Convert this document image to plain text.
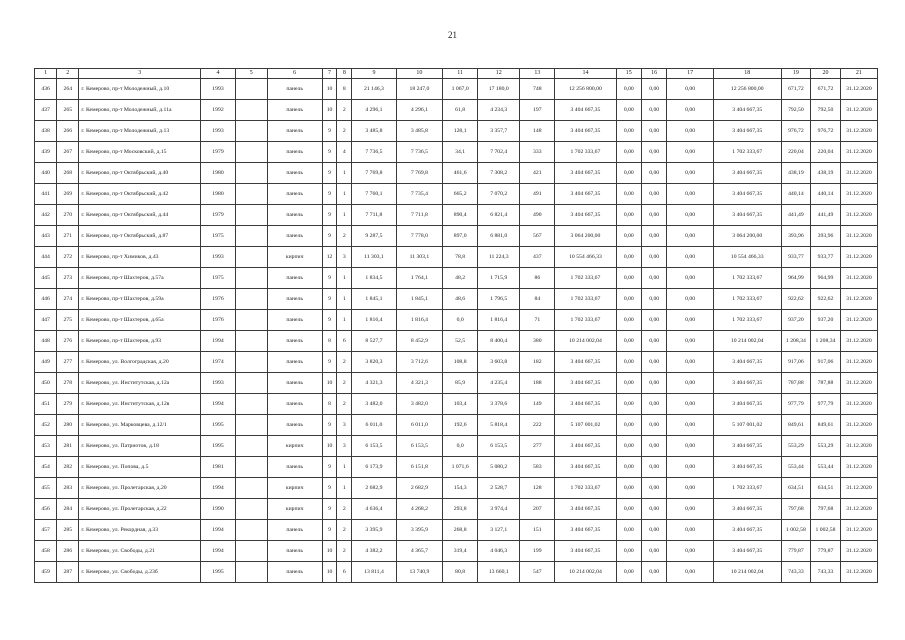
21
1	2	3	4	5	6	7	8	9	10	11	12	13	14	15	16	17	18	19	20	21
436	264	г. Кемерово, пр-т Молодежный, д.10	1993		панель	10	8	21 146,3	18 247,0	1 067,0	17 180,0	748	12 256 800,00	0,00	0,00	0,00	12 256 800,00	671,72	671,72	31.12.2020
437	265	г. Кемерово, пр-т Молодежный, д.11а	1992		панель	10	2	4 296,1	4 296,1	61,8	4 234,3	197	3 404 667,35	0,00	0,00	0,00	3 404 667,35	792,50	792,50	31.12.2020
438	266	г. Кемерово, пр-т Молодежный, д.13	1993		панель	9	2	3 485,8	3 485,8	128,1	3 357,7	148	3 404 667,35	0,00	0,00	0,00	3 404 667,35	976,72	976,72	31.12.2020
439	267	г. Кемерово, пр-т Московский, д.15	1979		панель	9	4	7 736,5	7 736,5	34,1	7 702,4	333	1 702 333,67	0,00	0,00	0,00	1 702 333,67	220,04	220,04	31.12.2020
440	268	г. Кемерово, пр-т Октябрьский, д.40	1980		панель	9	1	7 769,8	7 769,8	461,6	7 308,2	421	3 404 667,35	0,00	0,00	0,00	3 404 667,35	438,19	438,19	31.12.2020
441	269	г. Кемерово, пр-т Октябрьский, д.42	1980		панель	9	1	7 760,1	7 735,4	665,2	7 070,2	491	3 404 667,35	0,00	0,00	0,00	3 404 667,35	440,14	440,14	31.12.2020
442	270	г. Кемерово, пр-т Октябрьский, д.44	1979		панель	9	1	7 711,8	7 711,8	890,4	6 821,4	490	3 404 667,35	0,00	0,00	0,00	3 404 667,35	441,49	441,49	31.12.2020
443	271	г. Кемерово, пр-т Октябрьский, д.87	1975		панель	9	2	9 287,5	7 778,0	897,0	6 881,0	567	3 064 200,00	0,00	0,00	0,00	3 064 200,00	393,96	393,96	31.12.2020
444	272	г. Кемерово, пр-т Химиков, д.43	1993		кирпич	12	3	11 303,1	11 303,1	78,8	11 224,3	437	10 554 466,33	0,00	0,00	0,00	10 554 466,33	933,77	933,77	31.12.2020
445	273	г. Кемерово, пр-т Шахтеров, д.57а	1975		панель	9	1	1 834,5	1 764,1	48,2	1 715,9	86	1 702 333,67	0,00	0,00	0,00	1 702 333,67	964,99	964,99	31.12.2020
446	274	г. Кемерово, пр-т Шахтеров, д.59а	1976		панель	9	1	1 845,1	1 845,1	48,6	1 796,5	84	1 702 333,67	0,00	0,00	0,00	1 702 333,67	922,62	922,62	31.12.2020
447	275	г. Кемерово, пр-т Шахтеров, д.65а	1976		панель	9	1	1 816,4	1 816,4	0,0	1 816,4	71	1 702 333,67	0,00	0,00	0,00	1 702 333,67	937,20	937,20	31.12.2020
448	276	г. Кемерово, пр-т Шахтеров, д.93	1994		панель	8	6	8 527,7	8 452,9	52,5	8 400,4	380	10 214 002,04	0,00	0,00	0,00	10 214 002,04	1 208,34	1 208,34	31.12.2020
449	277	г. Кемерово, ул. Волгоградская, д.20	1974		панель	9	2	3 820,3	3 712,6	108,8	3 603,8	182	3 404 667,35	0,00	0,00	0,00	3 404 667,35	917,06	917,06	31.12.2020
450	278	г. Кемерово, ул. Институтская, д.12а	1993		панель	10	2	4 321,3	4 321,3	85,9	4 235,4	188	3 404 667,35	0,00	0,00	0,00	3 404 667,35	787,88	787,88	31.12.2020
451	279	г. Кемерово, ул. Институтская, д.12в	1994		панель	8	2	3 482,0	3 482,0	103,4	3 378,6	149	3 404 667,35	0,00	0,00	0,00	3 404 667,35	977,79	977,79	31.12.2020
452	280	г. Кемерово, ул. Марковцева, д.12/1	1995		панель	9	3	6 011,0	6 011,0	192,6	5 818,4	222	5 107 001,02	0,00	0,00	0,00	5 107 001,02	849,61	849,61	31.12.2020
453	281	г. Кемерово, ул. Патриотов, д.18	1995		кирпич	10	3	6 153,5	6 153,5	0,0	6 153,5	277	3 404 667,35	0,00	0,00	0,00	3 404 667,35	553,29	553,29	31.12.2020
454	282	г. Кемерово, ул. Попова, д.5	1981		панель	9	1	6 173,9	6 151,8	1 071,6	5 080,2	583	3 404 667,35	0,00	0,00	0,00	3 404 667,35	553,44	553,44	31.12.2020
455	283	г. Кемерово, ул. Пролетарская, д.20	1994		кирпич	9	1	2 682,9	2 682,9	154,3	2 528,7	128	1 702 333,67	0,00	0,00	0,00	1 702 333,67	634,51	634,51	31.12.2020
456	284	г. Кемерово, ул. Пролетарская, д.22	1990		кирпич	9	2	4 636,4	4 268,2	293,8	3 974,4	207	3 404 667,35	0,00	0,00	0,00	3 404 667,35	797,68	797,68	31.12.2020
457	285	г. Кемерово, ул. Рекордная, д.33	1994		панель	9	2	3 395,9	3 395,9	268,8	3 127,1	151	3 404 667,35	0,00	0,00	0,00	3 404 667,35	1 002,58	1 002,58	31.12.2020
458	286	г. Кемерово, ул. Свободы, д.21	1994		панель	10	2	4 382,2	4 365,7	319,4	4 046,3	199	3 404 667,35	0,00	0,00	0,00	3 404 667,35	779,87	779,87	31.12.2020
459	287	г. Кемерово, ул. Свободы, д.23б	1995		панель	10	6	13 811,4	13 740,9	80,8	13 660,1	547	10 214 002,04	0,00	0,00	0,00	10 214 002,04	743,33	743,33	31.12.2020
